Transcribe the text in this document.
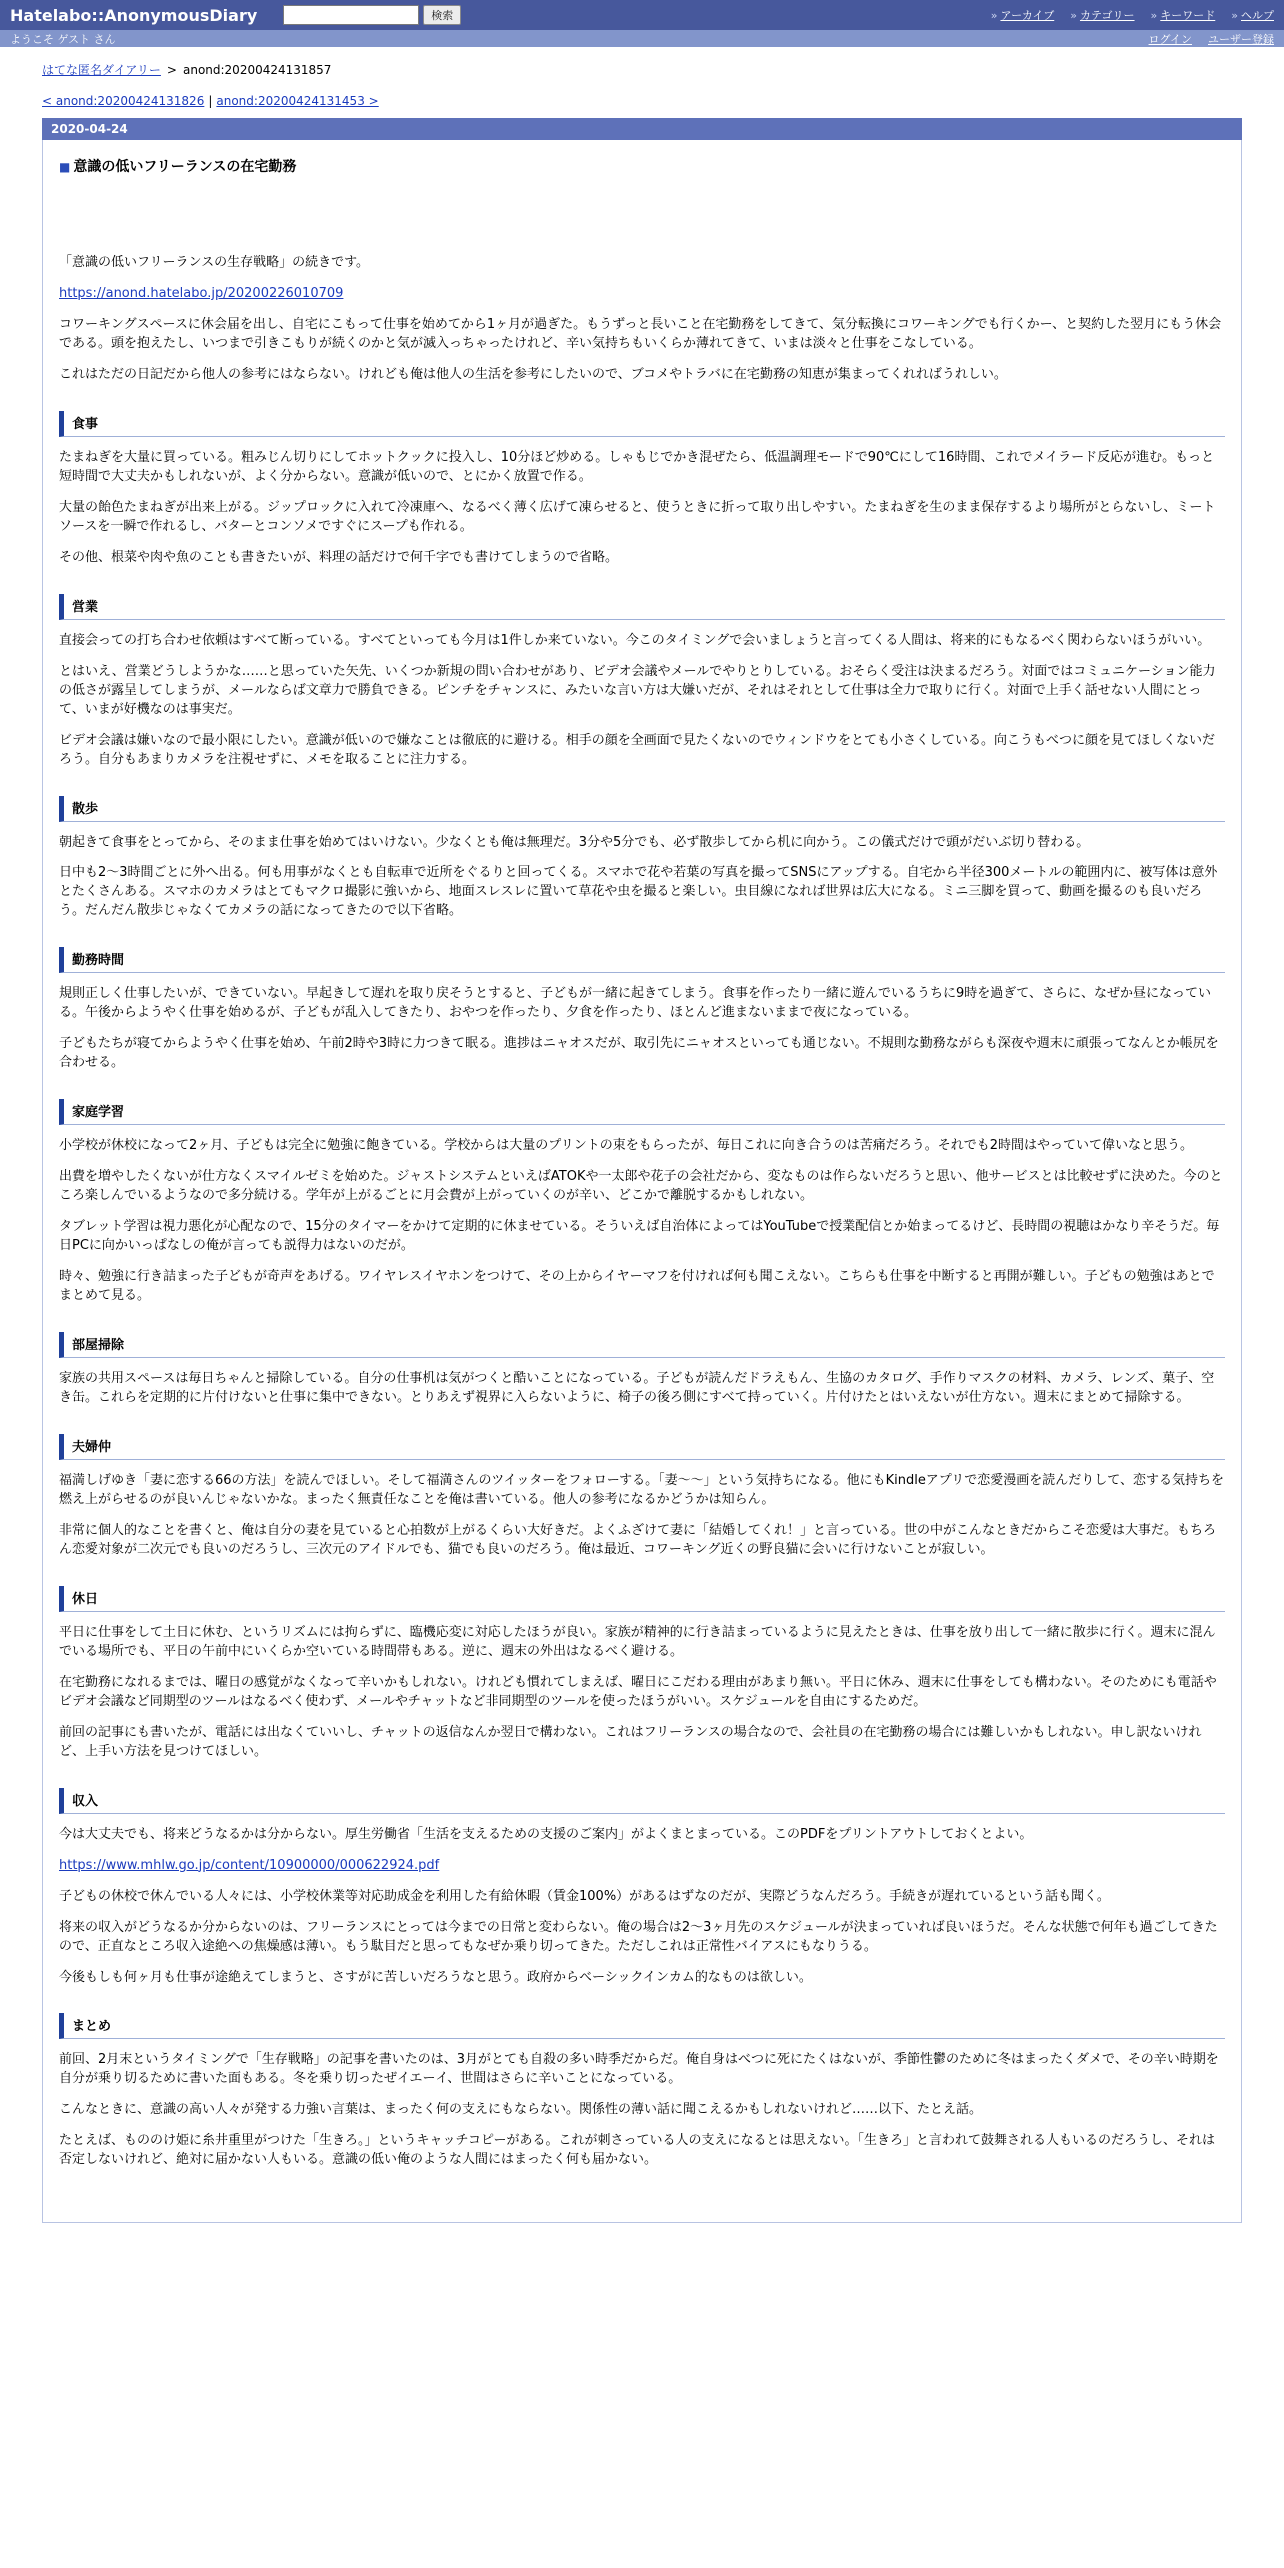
Hatelabo::AnonymousDiary	検索	» アーカイブ » カテゴリー » キーワード » ヘルプ
ようこそ ゲスト さん	ログイン ユーザー登録
はてな匿名ダイアリー > anond:20200424131857
< anond:20200424131826 | anond:20200424131453 >
2020-04-24
■ 意識の低いフリーランスの在宅勤務

「意識の低いフリーランスの生存戦略」の続きです。

https://anond.hatelabo.jp/20200226010709

コワーキングスペースに休会届を出し、自宅にこもって仕事を始めてから1ヶ月が過ぎた。もうずっと長いこと在宅勤務をしてきて、気分転換にコワーキングでも行くかー、と契約した翌月にもう休会である。頭を抱えたし、いつまで引きこもりが続くのかと気が滅入っちゃったけれど、辛い気持ちもいくらか薄れてきて、いまは淡々と仕事をこなしている。

これはただの日記だから他人の参考にはならない。けれども俺は他人の生活を参考にしたいので、ブコメやトラバに在宅勤務の知恵が集まってくれればうれしい。

食事

たまねぎを大量に買っている。粗みじん切りにしてホットクックに投入し、10分ほど炒める。しゃもじでかき混ぜたら、低温調理モードで90℃にして16時間、これでメイラード反応が進む。もっと短時間で大丈夫かもしれないが、よく分からない。意識が低いので、とにかく放置で作る。

大量の飴色たまねぎが出来上がる。ジップロックに入れて冷凍庫へ、なるべく薄く広げて凍らせると、使うときに折って取り出しやすい。たまねぎを生のまま保存するより場所がとらないし、ミートソースを一瞬で作れるし、バターとコンソメですぐにスープも作れる。

その他、根菜や肉や魚のことも書きたいが、料理の話だけで何千字でも書けてしまうので省略。

営業

直接会っての打ち合わせ依頼はすべて断っている。すべてといっても今月は1件しか来ていない。今このタイミングで会いましょうと言ってくる人間は、将来的にもなるべく関わらないほうがいい。

とはいえ、営業どうしようかな……と思っていた矢先、いくつか新規の問い合わせがあり、ビデオ会議やメールでやりとりしている。おそらく受注は決まるだろう。対面ではコミュニケーション能力の低さが露呈してしまうが、メールならば文章力で勝負できる。ピンチをチャンスに、みたいな言い方は大嫌いだが、それはそれとして仕事は全力で取りに行く。対面で上手く話せない人間にとって、いまが好機なのは事実だ。

ビデオ会議は嫌いなので最小限にしたい。意識が低いので嫌なことは徹底的に避ける。相手の顔を全画面で見たくないのでウィンドウをとても小さくしている。向こうもべつに顔を見てほしくないだろう。自分もあまりカメラを注視せずに、メモを取ることに注力する。

散歩

朝起きて食事をとってから、そのまま仕事を始めてはいけない。少なくとも俺は無理だ。3分や5分でも、必ず散歩してから机に向かう。この儀式だけで頭がだいぶ切り替わる。

日中も2〜3時間ごとに外へ出る。何も用事がなくとも自転車で近所をぐるりと回ってくる。スマホで花や若葉の写真を撮ってSNSにアップする。自宅から半径300メートルの範囲内に、被写体は意外とたくさんある。スマホのカメラはとてもマクロ撮影に強いから、地面スレスレに置いて草花や虫を撮ると楽しい。虫目線になれば世界は広大になる。ミニ三脚を買って、動画を撮るのも良いだろう。だんだん散歩じゃなくてカメラの話になってきたので以下省略。

勤務時間

規則正しく仕事したいが、できていない。早起きして遅れを取り戻そうとすると、子どもが一緒に起きてしまう。食事を作ったり一緒に遊んでいるうちに9時を過ぎて、さらに、なぜか昼になっている。午後からようやく仕事を始めるが、子どもが乱入してきたり、おやつを作ったり、夕食を作ったり、ほとんど進まないままで夜になっている。

子どもたちが寝てからようやく仕事を始め、午前2時や3時に力つきて眠る。進捗はニャオスだが、取引先にニャオスといっても通じない。不規則な勤務ながらも深夜や週末に頑張ってなんとか帳尻を合わせる。

家庭学習

小学校が休校になって2ヶ月、子どもは完全に勉強に飽きている。学校からは大量のプリントの束をもらったが、毎日これに向き合うのは苦痛だろう。それでも2時間はやっていて偉いなと思う。

出費を増やしたくないが仕方なくスマイルゼミを始めた。ジャストシステムといえばATOKや一太郎や花子の会社だから、変なものは作らないだろうと思い、他サービスとは比較せずに決めた。今のところ楽しんでいるようなので多分続ける。学年が上がるごとに月会費が上がっていくのが辛い、どこかで離脱するかもしれない。

タブレット学習は視力悪化が心配なので、15分のタイマーをかけて定期的に休ませている。そういえば自治体によってはYouTubeで授業配信とか始まってるけど、長時間の視聴はかなり辛そうだ。毎日PCに向かいっぱなしの俺が言っても説得力はないのだが。

時々、勉強に行き詰まった子どもが奇声をあげる。ワイヤレスイヤホンをつけて、その上からイヤーマフを付ければ何も聞こえない。こちらも仕事を中断すると再開が難しい。子どもの勉強はあとでまとめて見る。

部屋掃除

家族の共用スペースは毎日ちゃんと掃除している。自分の仕事机は気がつくと酷いことになっている。子どもが読んだドラえもん、生協のカタログ、手作りマスクの材料、カメラ、レンズ、菓子、空き缶。これらを定期的に片付けないと仕事に集中できない。とりあえず視界に入らないように、椅子の後ろ側にすべて持っていく。片付けたとはいえないが仕方ない。週末にまとめて掃除する。

夫婦仲

福満しげゆき「妻に恋する66の方法」を読んでほしい。そして福満さんのツイッターをフォローする。「妻〜〜」という気持ちになる。他にもKindleアプリで恋愛漫画を読んだりして、恋する気持ちを燃え上がらせるのが良いんじゃないかな。まったく無責任なことを俺は書いている。他人の参考になるかどうかは知らん。

非常に個人的なことを書くと、俺は自分の妻を見ていると心拍数が上がるくらい大好きだ。よくふざけて妻に「結婚してくれ！」と言っている。世の中がこんなときだからこそ恋愛は大事だ。もちろん恋愛対象が二次元でも良いのだろうし、三次元のアイドルでも、猫でも良いのだろう。俺は最近、コワーキング近くの野良猫に会いに行けないことが寂しい。

休日

平日に仕事をして土日に休む、というリズムには拘らずに、臨機応変に対応したほうが良い。家族が精神的に行き詰まっているように見えたときは、仕事を放り出して一緒に散歩に行く。週末に混んでいる場所でも、平日の午前中にいくらか空いている時間帯もある。逆に、週末の外出はなるべく避ける。

在宅勤務になれるまでは、曜日の感覚がなくなって辛いかもしれない。けれども慣れてしまえば、曜日にこだわる理由があまり無い。平日に休み、週末に仕事をしても構わない。そのためにも電話やビデオ会議など同期型のツールはなるべく使わず、メールやチャットなど非同期型のツールを使ったほうがいい。スケジュールを自由にするためだ。

前回の記事にも書いたが、電話には出なくていいし、チャットの返信なんか翌日で構わない。これはフリーランスの場合なので、会社員の在宅勤務の場合には難しいかもしれない。申し訳ないけれど、上手い方法を見つけてほしい。

収入

今は大丈夫でも、将来どうなるかは分からない。厚生労働省「生活を支えるための支援のご案内」がよくまとまっている。このPDFをプリントアウトしておくとよい。

https://www.mhlw.go.jp/content/10900000/000622924.pdf

子どもの休校で休んでいる人々には、小学校休業等対応助成金を利用した有給休暇（賃金100%）があるはずなのだが、実際どうなんだろう。手続きが遅れているという話も聞く。

将来の収入がどうなるか分からないのは、フリーランスにとっては今までの日常と変わらない。俺の場合は2〜3ヶ月先のスケジュールが決まっていれば良いほうだ。そんな状態で何年も過ごしてきたので、正直なところ収入途絶への焦燥感は薄い。もう駄目だと思ってもなぜか乗り切ってきた。ただしこれは正常性バイアスにもなりうる。

今後もしも何ヶ月も仕事が途絶えてしまうと、さすがに苦しいだろうなと思う。政府からベーシックインカム的なものは欲しい。

まとめ

前回、2月末というタイミングで「生存戦略」の記事を書いたのは、3月がとても自殺の多い時季だからだ。俺自身はべつに死にたくはないが、季節性鬱のために冬はまったくダメで、その辛い時期を自分が乗り切るために書いた面もある。冬を乗り切ったぜイエーイ、世間はさらに辛いことになっている。

こんなときに、意識の高い人々が発する力強い言葉は、まったく何の支えにもならない。関係性の薄い話に聞こえるかもしれないけれど……以下、たとえ話。

たとえば、もののけ姫に糸井重里がつけた「生きろ。」というキャッチコピーがある。これが刺さっている人の支えになるとは思えない。「生きろ」と言われて鼓舞される人もいるのだろうし、それは否定しないけれど、絶対に届かない人もいる。意識の低い俺のような人間にはまったく何も届かない。
